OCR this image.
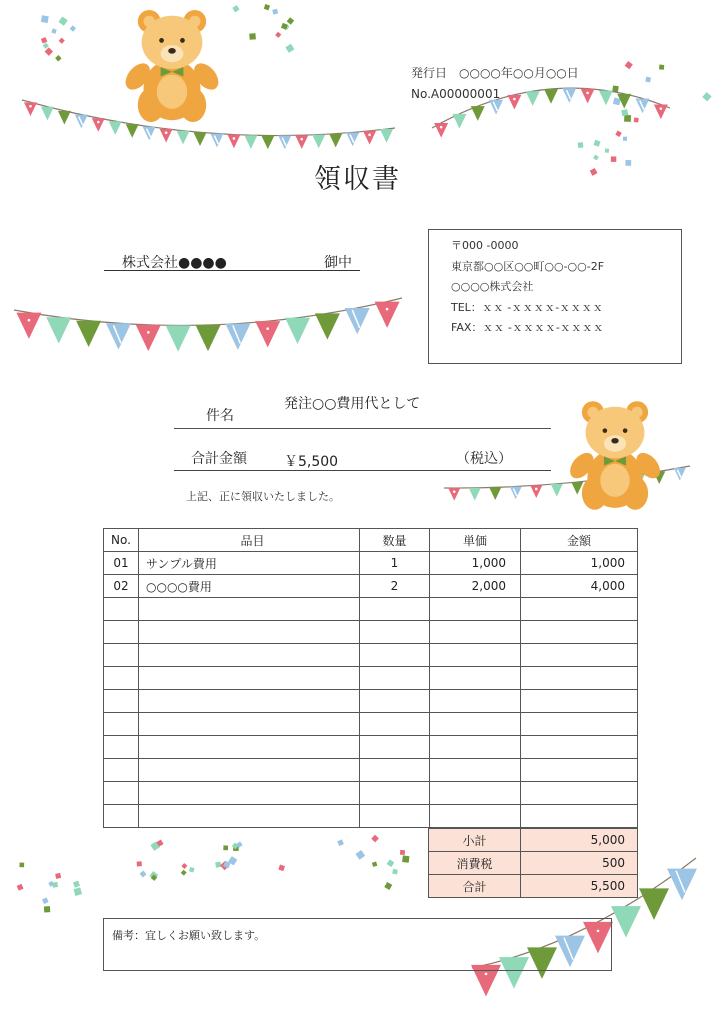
発行日　○○○○年○○月○○日
No.A00000001
領収書
株式会社●●●●	御中
〒000 -0000
東京都○○区○○町○○-○○-2F
○○○○株式会社
TEL：ｘｘ -ｘｘｘｘ-ｘｘｘｘ
FAX：ｘｘ -ｘｘｘｘ-ｘｘｘｘ
件名
発注○○費用代として
合計金額	￥5,500	（税込）
上記、正に領収いたしました。
No.	品目	数量	単価	金額
01	サンプル費用	1	1,000	1,000
02	○○○○費用	2	2,000	4,000

小計	5,000
消費税	500
合計	5,500
備考：宜しくお願い致します。
